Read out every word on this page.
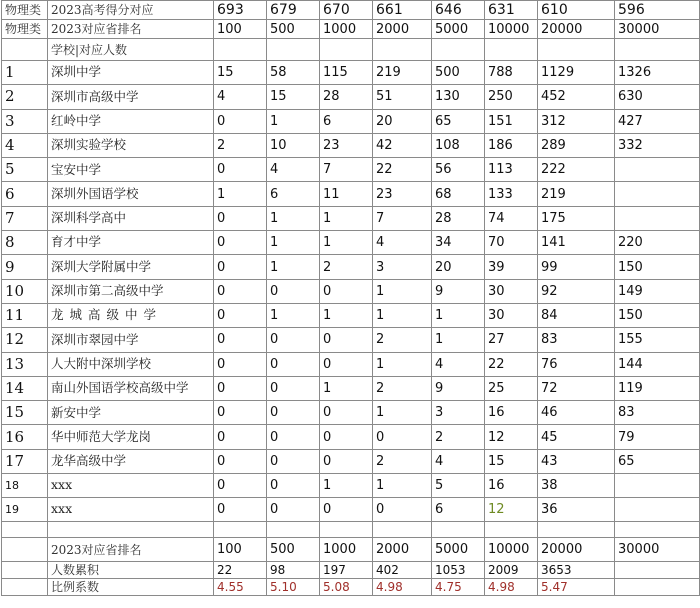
物理类	2023高考得分对应	693	679	670	661	646	631	610	596
物理类	2023对应省排名	100	500	1000	2000	5000	10000	20000	30000
	学校|对应人数								
1	深圳中学	15	58	115	219	500	788	1129	1326
2	深圳市高级中学	4	15	28	51	130	250	452	630
3	红岭中学	0	1	6	20	65	151	312	427
4	深圳实验学校	2	10	23	42	108	186	289	332
5	宝安中学	0	4	7	22	56	113	222	
6	深圳外国语学校	1	6	11	23	68	133	219	
7	深圳科学高中	0	1	1	7	28	74	175	
8	育才中学	0	1	1	4	34	70	141	220
9	深圳大学附属中学	0	1	2	3	20	39	99	150
10	深圳市第二高级中学	0	0	0	1	9	30	92	149
11	龙城高级中学	0	1	1	1	1	30	84	150
12	深圳市翠园中学	0	0	0	2	1	27	83	155
13	人大附中深圳学校	0	0	0	1	4	22	76	144
14	南山外国语学校高级中学	0	0	1	2	9	25	72	119
15	新安中学	0	0	0	1	3	16	46	83
16	华中师范大学龙岗	0	0	0	0	2	12	45	79
17	龙华高级中学	0	0	0	2	4	15	43	65
18	xxx	0	0	1	1	5	16	38	
19	xxx	0	0	0	0	6	12	36	

	2023对应省排名	100	500	1000	2000	5000	10000	20000	30000
	人数累积	22	98	197	402	1053	2009	3653	
	比例系数	4.55	5.10	5.08	4.98	4.75	4.98	5.47	
